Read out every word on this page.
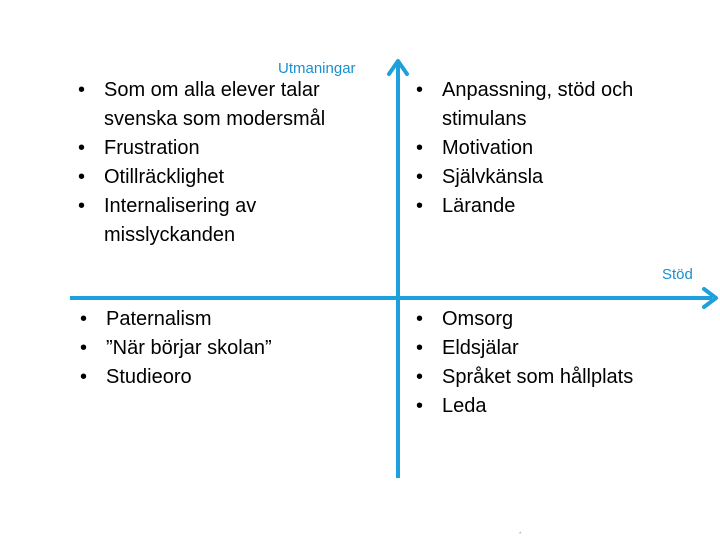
Utmaningar
Stöd
• Som om alla elever talar svenska som modersmål
• Frustration
• Otillräcklighet
• Internalisering av misslyckanden
• Anpassning, stöd och stimulans
• Motivation
• Självkänsla
• Lärande
• Paternalism
• ”När börjar skolan”
• Studieoro
• Omsorg
• Eldsjälar
• Språket som hållplats
• Leda
*
